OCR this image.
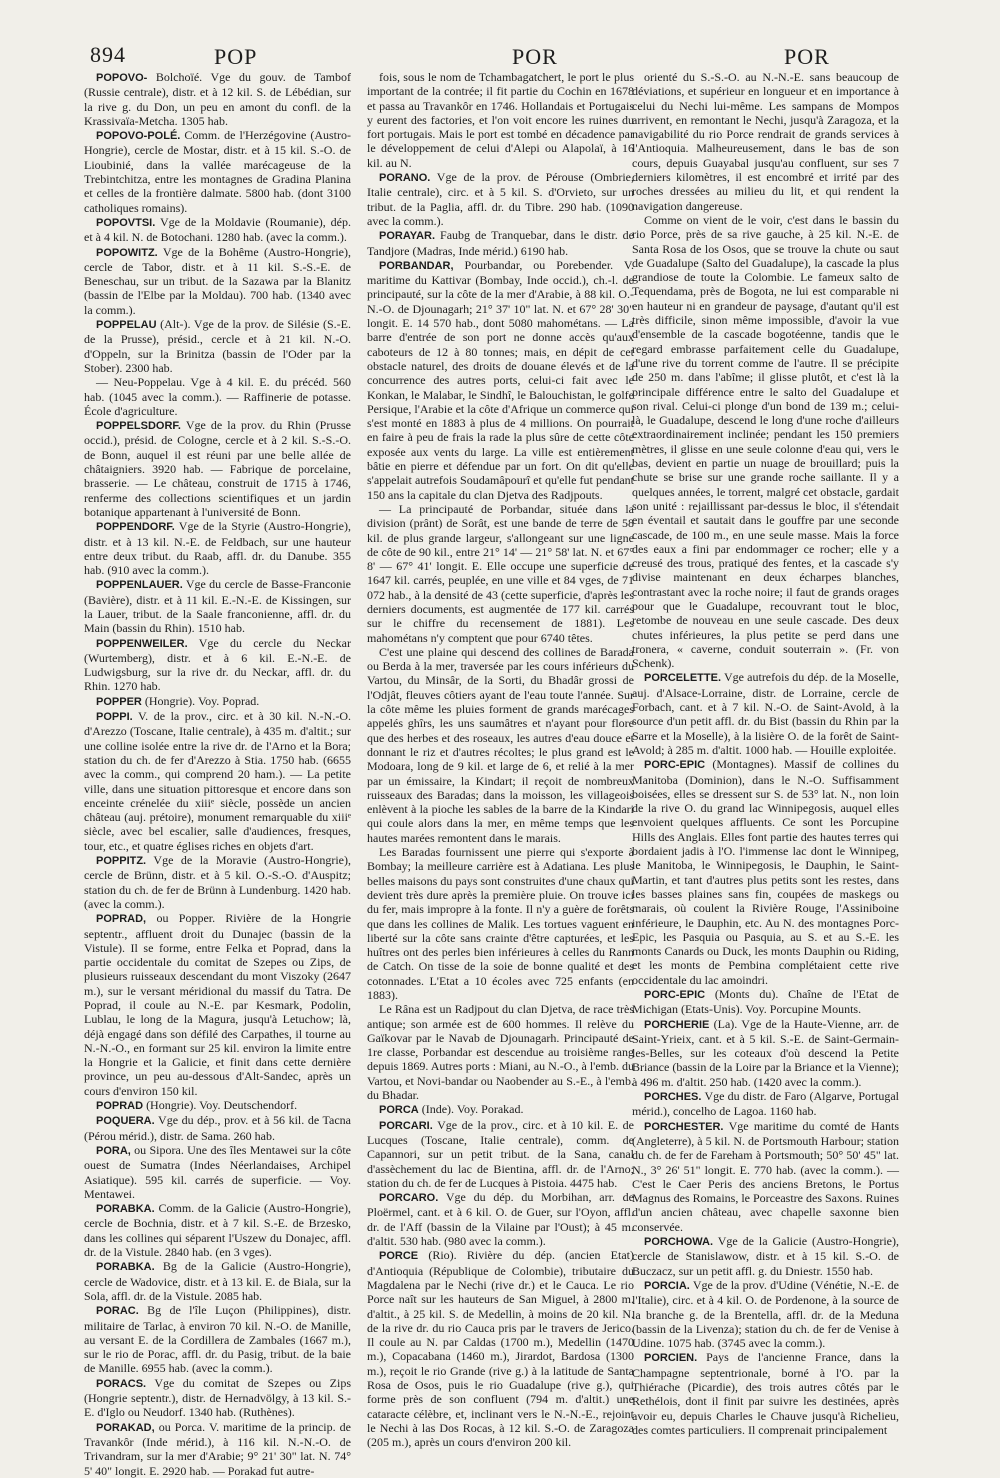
894	POP	POR	POR

POPOVO- Bolchoïé. Vge du gouv. de Tambof (Russie centrale), distr. et à 12 kil. S. de Lébédian, sur la rive g. du Don, un peu en amont du confl. de la Krassivaïa-Metcha. 1305 hab.

POPOVO-POLÉ. Comm. de l'Herzégovine (Austro-Hongrie), cercle de Mostar, distr. et à 15 kil. S.-O. de Lioubinié, dans la vallée marécageuse de la Trebintchitza, entre les montagnes de Gradina Planina et celles de la frontière dalmate. 5800 hab. (dont 3100 catholiques romains).

POPOVTSI. Vge de la Moldavie (Roumanie), dép. et à 4 kil. N. de Botochani. 1280 hab. (avec la comm.).

POPOWITZ. Vge de la Bohême (Austro-Hongrie), cercle de Tabor, distr. et à 11 kil. S.-S.-E. de Beneschau, sur un tribut. de la Sazawa par la Blanitz (bassin de l'Elbe par la Moldau). 700 hab. (1340 avec la comm.).

POPPELAU (Alt-). Vge de la prov. de Silésie (S.-E. de la Prusse), présid., cercle et à 21 kil. N.-O. d'Oppeln, sur la Brinitza (bassin de l'Oder par la Stober). 2300 hab.

— Neu-Poppelau. Vge à 4 kil. E. du précéd. 560 hab. (1045 avec la comm.). — Raffinerie de potasse. École d'agriculture.

POPPELSDORF. Vge de la prov. du Rhin (Prusse occid.), présid. de Cologne, cercle et à 2 kil. S.-S.-O. de Bonn, auquel il est réuni par une belle allée de châtaigniers. 3920 hab. — Fabrique de porcelaine, brasserie. — Le château, construit de 1715 à 1746, renferme des collections scientifiques et un jardin botanique appartenant à l'université de Bonn.

POPPENDORF. Vge de la Styrie (Austro-Hongrie), distr. et à 13 kil. N.-E. de Feldbach, sur une hauteur entre deux tribut. du Raab, affl. dr. du Danube. 355 hab. (910 avec la comm.).

POPPENLAUER. Vge du cercle de Basse-Franconie (Bavière), distr. et à 11 kil. E.-N.-E. de Kissingen, sur la Lauer, tribut. de la Saale franconienne, affl. dr. du Main (bassin du Rhin). 1510 hab.

POPPENWEILER. Vge du cercle du Neckar (Wurtemberg), distr. et à 6 kil. E.-N.-E. de Ludwigsburg, sur la rive dr. du Neckar, affl. dr. du Rhin. 1270 hab.

POPPER (Hongrie). Voy. Poprad.

POPPI. V. de la prov., circ. et à 30 kil. N.-N.-O. d'Arezzo (Toscane, Italie centrale), à 435 m. d'altit.; sur une colline isolée entre la rive dr. de l'Arno et la Bora; station du ch. de fer d'Arezzo à Stia. 1750 hab. (6655 avec la comm., qui comprend 20 ham.). — La petite ville, dans une situation pittoresque et encore dans son enceinte crénelée du xiiiᵉ siècle, possède un ancien château (auj. prétoire), monument remarquable du xiiiᵉ siècle, avec bel escalier, salle d'audiences, fresques, tour, etc., et quatre églises riches en objets d'art.

POPPITZ. Vge de la Moravie (Austro-Hongrie), cercle de Brünn, distr. et à 5 kil. O.-S.-O. d'Auspitz; station du ch. de fer de Brünn à Lundenburg. 1420 hab. (avec la comm.).

POPRAD, ou Popper. Rivière de la Hongrie septentr., affluent droit du Dunajec (bassin de la Vistule). Il se forme, entre Felka et Poprad, dans la partie occidentale du comitat de Szepes ou Zips, de plusieurs ruisseaux descendant du mont Viszoky (2647 m.), sur le versant méridional du massif du Tatra. De Poprad, il coule au N.-E. par Kesmark, Podolin, Lublau, le long de la Magura, jusqu'à Letuchow; là, déjà engagé dans son défilé des Carpathes, il tourne au N.-N.-O., en formant sur 25 kil. environ la limite entre la Hongrie et la Galicie, et finit dans cette dernière province, un peu au-dessous d'Alt-Sandec, après un cours d'environ 150 kil.

POPRAD (Hongrie). Voy. Deutschendorf.

POQUERA. Vge du dép., prov. et à 56 kil. de Tacna (Pérou mérid.), distr. de Sama. 260 hab.

PORA, ou Sipora. Une des îles Mentawei sur la côte ouest de Sumatra (Indes Néerlandaises, Archipel Asiatique). 595 kil. carrés de superficie. — Voy. Mentawei.

PORABKA. Comm. de la Galicie (Austro-Hongrie), cercle de Bochnia, distr. et à 7 kil. S.-E. de Brzesko, dans les collines qui séparent l'Uszew du Donajec, affl. dr. de la Vistule. 2840 hab. (en 3 vges).

PORABKA. Bg de la Galicie (Austro-Hongrie), cercle de Wadovice, distr. et à 13 kil. E. de Biala, sur la Sola, affl. dr. de la Vistule. 2085 hab.

PORAC. Bg de l'île Luçon (Philippines), distr. militaire de Tarlac, à environ 70 kil. N.-O. de Manille, au versant E. de la Cordillera de Zambales (1667 m.), sur le rio de Porac, affl. dr. du Pasig, tribut. de la baie de Manille. 6955 hab. (avec la comm.).

PORACS. Vge du comitat de Szepes ou Zips (Hongrie septentr.), distr. de Hernadvölgy, à 13 kil. S.-E. d'Iglo ou Neudorf. 1340 hab. (Ruthènes).

PORAKAD, ou Porca. V. maritime de la princip. de Travankôr (Inde mérid.), à 116 kil. N.-N.-O. de Trivandram, sur la mer d'Arabie; 9° 21' 30" lat. N. 74° 5' 40" longit. E. 2920 hab. — Porakad fut autre-

fois, sous le nom de Tchambagatchert, le port le plus important de la contrée; il fit partie du Cochin en 1678 et passa au Travankôr en 1746. Hollandais et Portugais y eurent des factories, et l'on voit encore les ruines du fort portugais. Mais le port est tombé en décadence par le développement de celui d'Alepi ou Alapolaï, à 16 kil. au N.

PORANO. Vge de la prov. de Pérouse (Ombrie, Italie centrale), circ. et à 5 kil. S. d'Orvieto, sur un tribut. de la Paglia, affl. dr. du Tibre. 290 hab. (1090 avec la comm.).

PORAYAR. Faubg de Tranquebar, dans le distr. de Tandjore (Madras, Inde mérid.) 6190 hab.

PORBANDAR, Pourbandar, ou Porebender. V. maritime du Kattivar (Bombay, Inde occid.), ch.-l. de principauté, sur la côte de la mer d'Arabie, à 88 kil. O.-N.-O. de Djounagarh; 21° 37' 10" lat. N. et 67° 28' 30" longit. E. 14 570 hab., dont 5080 mahométans. — La barre d'entrée de son port ne donne accès qu'aux caboteurs de 12 à 80 tonnes; mais, en dépit de cet obstacle naturel, des droits de douane élevés et de la concurrence des autres ports, celui-ci fait avec le Konkan, le Malabar, le Sindhî, le Balouchistan, le golfe Persique, l'Arabie et la côte d'Afrique un commerce qui s'est monté en 1883 à plus de 4 millions. On pourrait en faire à peu de frais la rade la plus sûre de cette côte exposée aux vents du large. La ville est entièrement bâtie en pierre et défendue par un fort. On dit qu'elle s'appelait autrefois Soudamâpourî et qu'elle fut pendant 150 ans la capitale du clan Djetva des Radjpouts.

— La principauté de Porbandar, située dans la division (prânt) de Sorât, est une bande de terre de 58 kil. de plus grande largeur, s'allongeant sur une ligne de côte de 90 kil., entre 21° 14' — 21° 58' lat. N. et 67° 8' — 67° 41' longit. E. Elle occupe une superficie de 1647 kil. carrés, peuplée, en une ville et 84 vges, de 71 072 hab., à la densité de 43 (cette superficie, d'après les derniers documents, est augmentée de 177 kil. carrés sur le chiffre du recensement de 1881). Les mahométans n'y comptent que pour 6740 têtes.

C'est une plaine qui descend des collines de Barada ou Berda à la mer, traversée par les cours inférieurs du Vartou, du Minsâr, de la Sorti, du Bhadâr grossi de l'Odjât, fleuves côtiers ayant de l'eau toute l'année. Sur la côte même les pluies forment de grands marécages appelés ghîrs, les uns saumâtres et n'ayant pour flore que des herbes et des roseaux, les autres d'eau douce et donnant le riz et d'autres récoltes; le plus grand est le Modoara, long de 9 kil. et large de 6, et relié à la mer par un émissaire, la Kindart; il reçoit de nombreux ruisseaux des Baradas; dans la moisson, les villageois enlèvent à la pioche les sables de la barre de la Kindari qui coule alors dans la mer, en même temps que les hautes marées remontent dans le marais.

Les Baradas fournissent une pierre qui s'exporte à Bombay; la meilleure carrière est à Adatiana. Les plus belles maisons du pays sont construites d'une chaux qui devient très dure après la première pluie. On trouve ici du fer, mais impropre à la fonte. Il n'y a guère de forêts que dans les collines de Malik. Les tortues vaguent en liberté sur la côte sans crainte d'être capturées, et les huîtres ont des perles bien inférieures à celles du Rann de Catch. On tisse de la soie de bonne qualité et des cotonnades. L'Etat a 10 écoles avec 725 enfants (en 1883).

Le Râna est un Radjpout du clan Djetva, de race très antique; son armée est de 600 hommes. Il relève du Gaïkovar par le Navab de Djounagarh. Principauté de 1re classe, Porbandar est descendue au troisième rang depuis 1869. Autres ports : Miani, au N.-O., à l'emb. du Vartou, et Novi-bandar ou Naobender au S.-E., à l'emb. du Bhadar.

PORCA (Inde). Voy. Porakad.

PORCARI. Vge de la prov., circ. et à 10 kil. E. de Lucques (Toscane, Italie centrale), comm. de Capannori, sur un petit tribut. de la Sana, canal d'assèchement du lac de Bientina, affl. dr. de l'Arno; station du ch. de fer de Lucques à Pistoia. 4475 hab.

PORCARO. Vge du dép. du Morbihan, arr. de Ploërmel, cant. et à 6 kil. O. de Guer, sur l'Oyon, affl. dr. de l'Aff (bassin de la Vilaine par l'Oust); à 45 m. d'altit. 530 hab. (980 avec la comm.).

PORCE (Rio). Rivière du dép. (ancien Etat) d'Antioquia (République de Colombie), tributaire du Magdalena par le Nechi (rive dr.) et le Cauca. Le rio Porce naît sur les hauteurs de San Miguel, à 2800 m. d'altit., à 25 kil. S. de Medellin, à moins de 20 kil. N. de la rive dr. du rio Cauca pris par le travers de Jerico. Il coule au N. par Caldas (1700 m.), Medellin (1470 m.), Copacabana (1460 m.), Jirardot, Bardosa (1300 m.), reçoit le rio Grande (rive g.) à la latitude de Santa Rosa de Osos, puis le rio Guadalupe (rive g.), qui forme près de son confluent (794 m. d'altit.) une cataracte célèbre, et, inclinant vers le N.-N.-E., rejoint le Nechi à las Dos Rocas, à 12 kil. S.-O. de Zaragoza (205 m.), après un cours d'environ 200 kil.

orienté du S.-S.-O. au N.-N.-E. sans beaucoup de déviations, et supérieur en longueur et en importance à celui du Nechi lui-même. Les sampans de Mompos arrivent, en remontant le Nechi, jusqu'à Zaragoza, et la navigabilité du rio Porce rendrait de grands services à l'Antioquia. Malheureusement, dans le bas de son cours, depuis Guayabal jusqu'au confluent, sur ses 7 derniers kilomètres, il est encombré et irrité par des roches dressées au milieu du lit, et qui rendent la navigation dangereuse.

Comme on vient de le voir, c'est dans le bassin du rio Porce, près de sa rive gauche, à 25 kil. N.-E. de Santa Rosa de los Osos, que se trouve la chute ou saut de Guadalupe (Salto del Guadalupe), la cascade la plus grandiose de toute la Colombie. Le fameux salto de Tequendama, près de Bogota, ne lui est comparable ni en hauteur ni en grandeur de paysage, d'autant qu'il est très difficile, sinon même impossible, d'avoir la vue d'ensemble de la cascade bogotéenne, tandis que le regard embrasse parfaitement celle du Guadalupe, d'une rive du torrent comme de l'autre. Il se précipite de 250 m. dans l'abîme; il glisse plutôt, et c'est là la principale différence entre le salto del Guadalupe et son rival. Celui-ci plonge d'un bond de 139 m.; celui-là, le Guadalupe, descend le long d'une roche d'ailleurs extraordinairement inclinée; pendant les 150 premiers mètres, il glisse en une seule colonne d'eau qui, vers le bas, devient en partie un nuage de brouillard; puis la chute se brise sur une grande roche saillante. Il y a quelques années, le torrent, malgré cet obstacle, gardait son unité : rejaillissant par-dessus le bloc, il s'étendait en éventail et sautait dans le gouffre par une seconde cascade, de 100 m., en une seule masse. Mais la force des eaux a fini par endommager ce rocher; elle y a creusé des trous, pratiqué des fentes, et la cascade s'y divise maintenant en deux écharpes blanches, contrastant avec la roche noire; il faut de grands orages pour que le Guadalupe, recouvrant tout le bloc, retombe de nouveau en une seule cascade. Des deux chutes inférieures, la plus petite se perd dans une tronera, « caverne, conduit souterrain ». (Fr. von Schenk).

PORCELETTE. Vge autrefois du dép. de la Moselle, auj. d'Alsace-Lorraine, distr. de Lorraine, cercle de Forbach, cant. et à 7 kil. N.-O. de Saint-Avold, à la source d'un petit affl. dr. du Bist (bassin du Rhin par la Sarre et la Moselle), à la lisière O. de la forêt de Saint-Avold; à 285 m. d'altit. 1000 hab. — Houille exploitée.

PORC-EPIC (Montagnes). Massif de collines du Manitoba (Dominion), dans le N.-O. Suffisamment boisées, elles se dressent sur S. de 53° lat. N., non loin de la rive O. du grand lac Winnipegosis, auquel elles envoient quelques affluents. Ce sont les Porcupine Hills des Anglais. Elles font partie des hautes terres qui bordaient jadis à l'O. l'immense lac dont le Winnipeg, le Manitoba, le Winnipegosis, le Dauphin, le Saint-Martin, et tant d'autres plus petits sont les restes, dans les basses plaines sans fin, coupées de maskegs ou marais, où coulent la Rivière Rouge, l'Assiniboine inférieure, le Dauphin, etc. Au N. des montagnes Porc-Epic, les Pasquia ou Pasquia, au S. et au S.-E. les monts Canards ou Duck, les monts Dauphin ou Riding, et les monts de Pembina complétaient cette rive occidentale du lac amoindri.

PORC-EPIC (Monts du). Chaîne de l'Etat de Michigan (Etats-Unis). Voy. Porcupine Mounts.

PORCHERIE (La). Vge de la Haute-Vienne, arr. de Saint-Yrieix, cant. et à 5 kil. S.-E. de Saint-Germain-les-Belles, sur les coteaux d'où descend la Petite Briance (bassin de la Loire par la Briance et la Vienne); à 496 m. d'altit. 250 hab. (1420 avec la comm.).

PORCHES. Vge du distr. de Faro (Algarve, Portugal mérid.), concelho de Lagoa. 1160 hab.

PORCHESTER. Vge maritime du comté de Hants (Angleterre), à 5 kil. N. de Portsmouth Harbour; station du ch. de fer de Fareham à Portsmouth; 50° 50' 45" lat. N., 3° 26' 51" longit. E. 770 hab. (avec la comm.). — C'est le Caer Peris des anciens Bretons, le Portus Magnus des Romains, le Porceastre des Saxons. Ruines d'un ancien château, avec chapelle saxonne bien conservée.

PORCHOWA. Vge de la Galicie (Austro-Hongrie), cercle de Stanislawow, distr. et à 15 kil. S.-O. de Buczacz, sur un petit affl. g. du Dniestr. 1550 hab.

PORCIA. Vge de la prov. d'Udine (Vénétie, N.-E. de l'Italie), circ. et à 4 kil. O. de Pordenone, à la source de la branche g. de la Brentella, affl. dr. de la Meduna (bassin de la Livenza); station du ch. de fer de Venise à Udine. 1075 hab. (3745 avec la comm.).

PORCIEN. Pays de l'ancienne France, dans la Champagne septentrionale, borné à l'O. par la Thiérache (Picardie), des trois autres côtés par le Rethélois, dont il finit par suivre les destinées, après avoir eu, depuis Charles le Chauve jusqu'à Richelieu, des comtes particuliers. Il comprenait principalement
